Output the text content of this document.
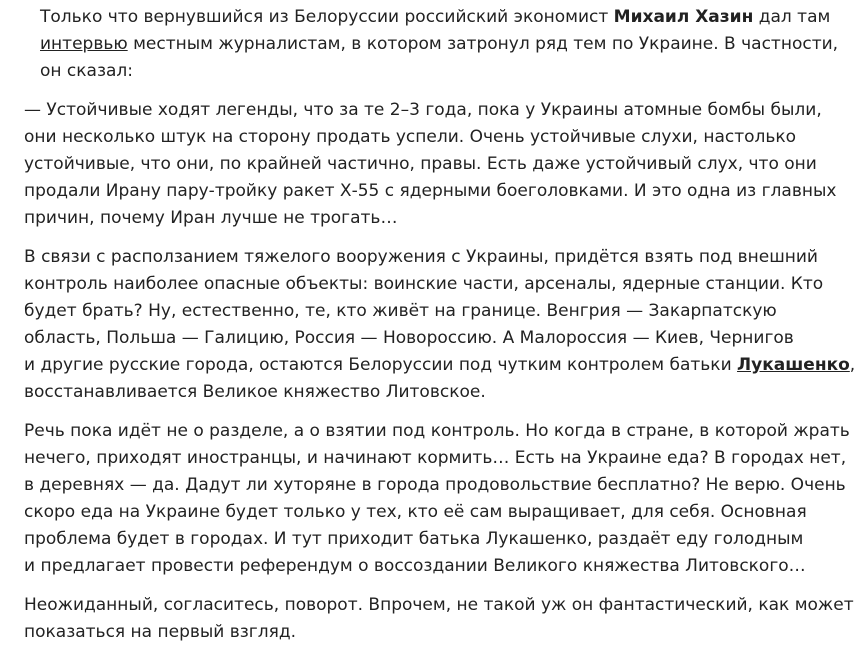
Только что вернувшийся из Белоруссии российский экономист Михаил Хазин дал там
интервью местным журналистам, в котором затронул ряд тем по Украине. В частности,
он сказал:

— Устойчивые ходят легенды, что за те 2–3 года, пока у Украины атомные бомбы были,
они несколько штук на сторону продать успели. Очень устойчивые слухи, настолько
устойчивые, что они, по крайней частично, правы. Есть даже устойчивый слух, что они
продали Ирану пару-тройку ракет Х-55 с ядерными боеголовками. И это одна из главных
причин, почему Иран лучше не трогать…

В связи с расползанием тяжелого вооружения с Украины, придётся взять под внешний
контроль наиболее опасные объекты: воинские части, арсеналы, ядерные станции. Кто
будет брать? Ну, естественно, те, кто живёт на границе. Венгрия — Закарпатскую
область, Польша — Галицию, Россия — Новороссию. А Малороссия — Киев, Чернигов
и другие русские города, остаются Белоруссии под чутким контролем батьки Лукашенко,
восстанавливается Великое княжество Литовское.

Речь пока идёт не о разделе, а о взятии под контроль. Но когда в стране, в которой жрать
нечего, приходят иностранцы, и начинают кормить… Есть на Украине еда? В городах нет,
в деревнях — да. Дадут ли хуторяне в города продовольствие бесплатно? Не верю. Очень
скоро еда на Украине будет только у тех, кто её сам выращивает, для себя. Основная
проблема будет в городах. И тут приходит батька Лукашенко, раздаёт еду голодным
и предлагает провести референдум о воссоздании Великого княжества Литовского…

Неожиданный, согласитесь, поворот. Впрочем, не такой уж он фантастический, как может
показаться на первый взгляд.
